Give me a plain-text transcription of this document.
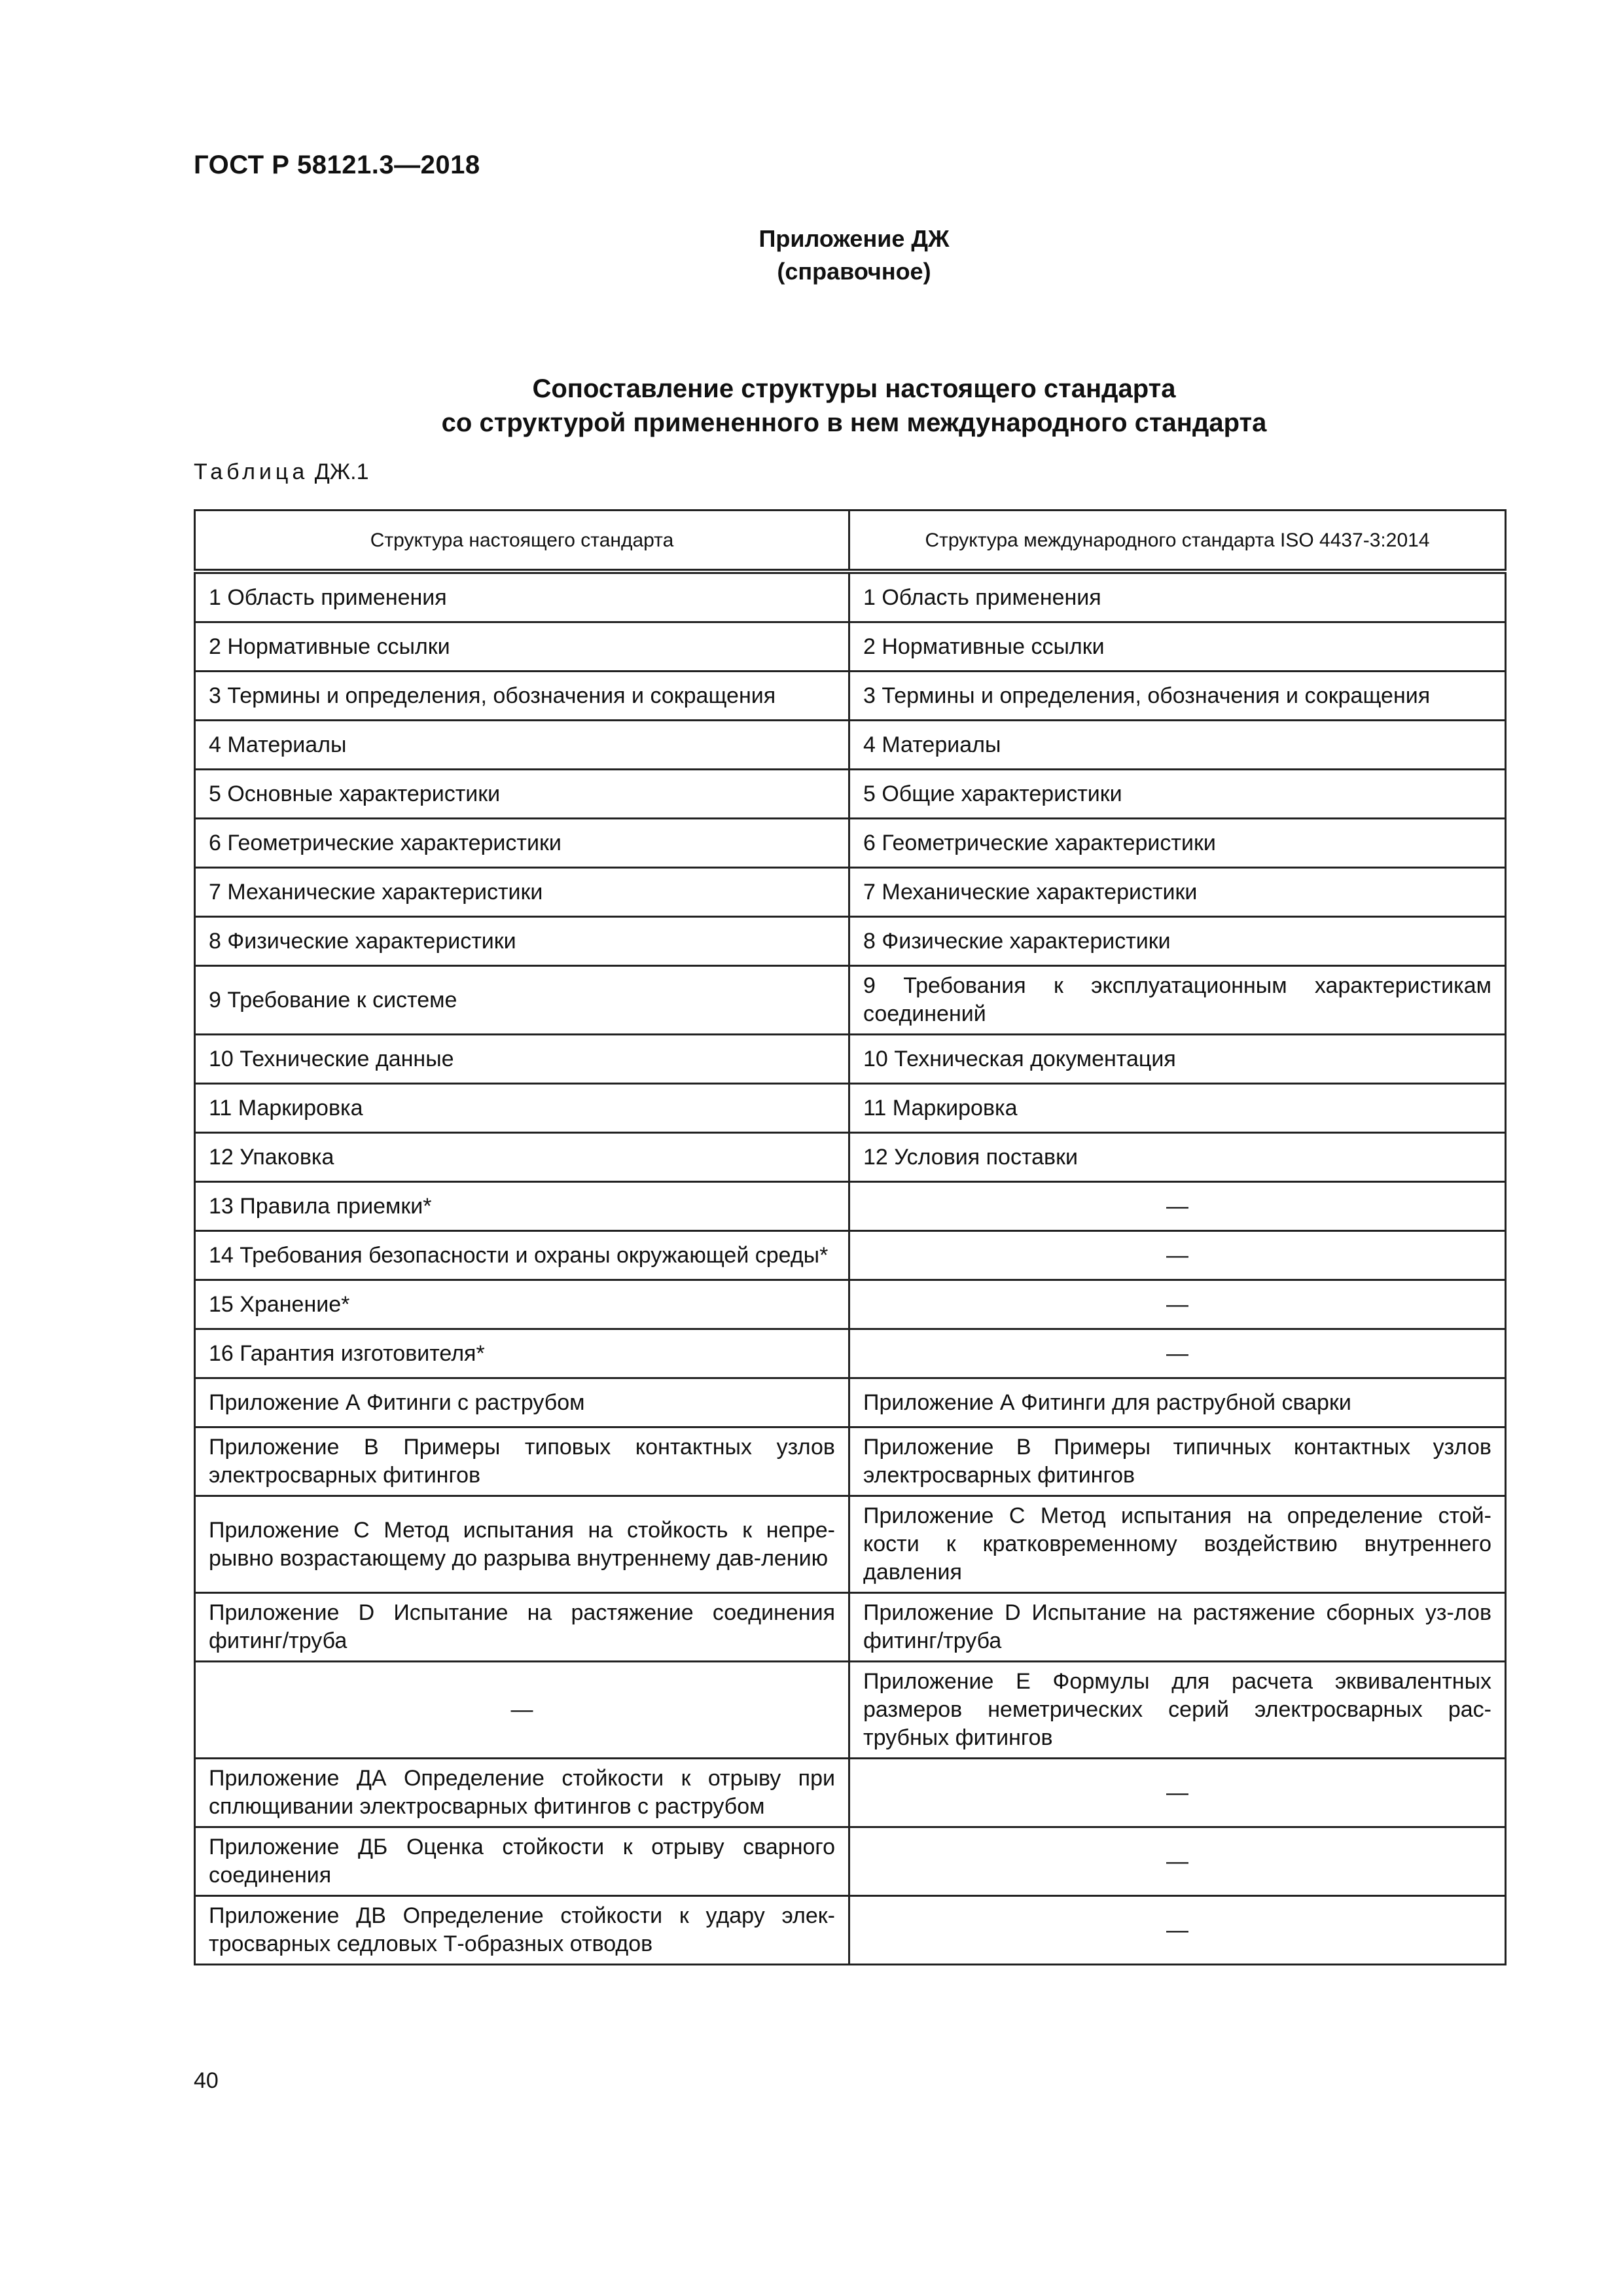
ГОСТ Р 58121.3—2018
Приложение ДЖ
(справочное)
Сопоставление структуры настоящего стандарта
со структурой примененного в нем международного стандарта
Таблица ДЖ.1
Структура настоящего стандарта	Структура международного стандарта ISO 4437-3:2014
1 Область применения	1 Область применения
2 Нормативные ссылки	2 Нормативные ссылки
3 Термины и определения, обозначения и сокращения	3 Термины и определения, обозначения и сокращения
4 Материалы	4 Материалы
5 Основные характеристики	5 Общие характеристики
6 Геометрические характеристики	6 Геометрические характеристики
7 Механические характеристики	7 Механические характеристики
8 Физические характеристики	8 Физические характеристики
9 Требование к системе	9 Требования к эксплуатационным характеристикам соединений
10 Технические данные	10 Техническая документация
11 Маркировка	11 Маркировка
12 Упаковка	12 Условия поставки
13 Правила приемки*	—
14 Требования безопасности и охраны окружающей среды*	—
15 Хранение*	—
16 Гарантия изготовителя*	—
Приложение А Фитинги с раструбом	Приложение А Фитинги для раструбной сварки
Приложение В Примеры типовых контактных узлов электросварных фитингов	Приложение В Примеры типичных контактных узлов электросварных фитингов
Приложение С Метод испытания на стойкость к непре-рывно возрастающему до разрыва внутреннему дав-лению	Приложение С Метод испытания на определение стой-кости к кратковременному воздействию внутреннего давления
Приложение D Испытание на растяжение соединения фитинг/труба	Приложение D Испытание на растяжение сборных уз-лов фитинг/труба
—	Приложение Е Формулы для расчета эквивалентных размеров неметрических серий электросварных рас-трубных фитингов
Приложение ДА Определение стойкости к отрыву при сплющивании электросварных фитингов с раструбом	—
Приложение ДБ Оценка стойкости к отрыву сварного соединения	—
Приложение ДВ Определение стойкости к удару элек-тросварных седловых Т-образных отводов	—
40
